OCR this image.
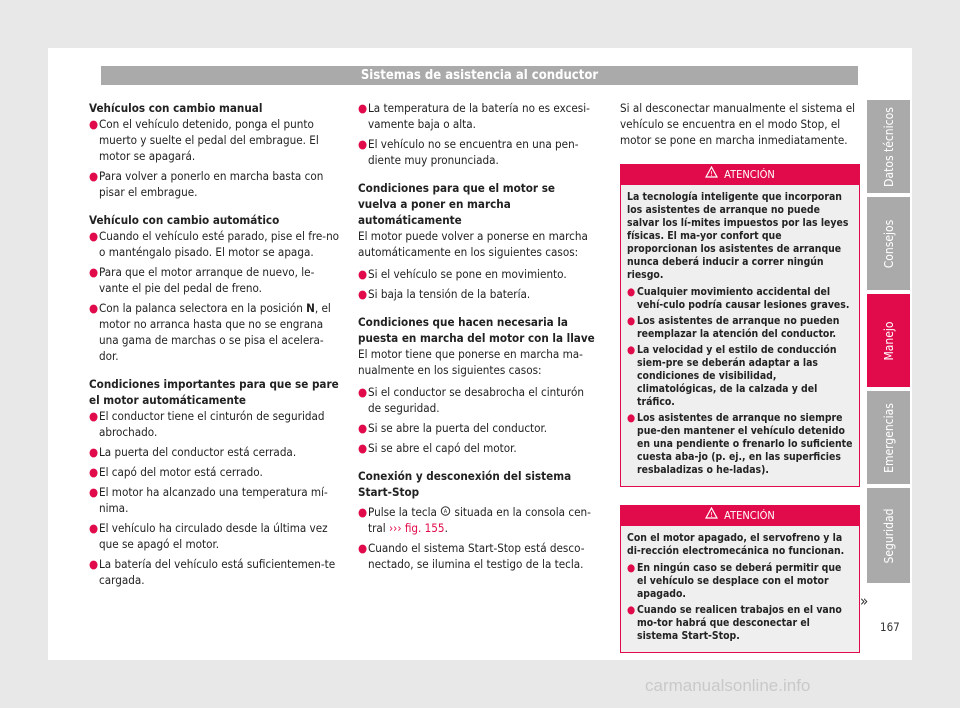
Sistemas de asistencia al conductor

Vehículos con cambio manual

● Con el vehículo detenido, ponga el punto muerto y suelte el pedal del embrague. El motor se apagará.
● Para volver a ponerlo en marcha basta con pisar el embrague.

Vehículo con cambio automático

● Cuando el vehículo esté parado, pise el fre-no o manténgalo pisado. El motor se apaga.
● Para que el motor arranque de nuevo, le-vante el pie del pedal de freno.
● Con la palanca selectora en la posición N, el motor no arranca hasta que no se engrana una gama de marchas o se pisa el acelera-dor.

Condiciones importantes para que se pare el motor automáticamente

● El conductor tiene el cinturón de seguridad abrochado.
● La puerta del conductor está cerrada.
● El capó del motor está cerrado.
● El motor ha alcanzado una temperatura mí-nima.
● El vehículo ha circulado desde la última vez que se apagó el motor.
● La batería del vehículo está suficientemen-te cargada.
● La temperatura de la batería no es excesi-vamente baja o alta.
● El vehículo no se encuentra en una pen-diente muy pronunciada.

Condiciones para que el motor se vuelva a poner en marcha automáticamente

El motor puede volver a ponerse en marcha automáticamente en los siguientes casos:

● Si el vehículo se pone en movimiento.
● Si baja la tensión de la batería.

Condiciones que hacen necesaria la puesta en marcha del motor con la llave

El motor tiene que ponerse en marcha ma-nualmente en los siguientes casos:

● Si el conductor se desabrocha el cinturón de seguridad.
● Si se abre la puerta del conductor.
● Si se abre el capó del motor.

Conexión y desconexión del sistema Start-Stop

● Pulse la tecla A situada en la consola cen-tral ››› fig. 155.
● Cuando el sistema Start-Stop está desco-nectado, se ilumina el testigo de la tecla.

Si al desconectar manualmente el sistema el vehículo se encuentra en el modo Stop, el motor se pone en marcha inmediatamente.

! ATENCIÓN

La tecnología inteligente que incorporan los asistentes de arranque no puede salvar los lí-mites impuestos por las leyes físicas. El ma-yor confort que proporcionan los asistentes de arranque nunca deberá inducir a correr ningún riesgo.

● Cualquier movimiento accidental del vehí-culo podría causar lesiones graves.
● Los asistentes de arranque no pueden reemplazar la atención del conductor.
● La velocidad y el estilo de conducción siem-pre se deberán adaptar a las condiciones de visibilidad, climatológicas, de la calzada y del tráfico.
● Los asistentes de arranque no siempre pue-den mantener el vehículo detenido en una pendiente o frenarlo lo suficiente cuesta aba-jo (p. ej., en las superficies resbaladizas o he-ladas).
! ATENCIÓN

Con el motor apagado, el servofreno y la di-rección electromecánica no funcionan.

● En ningún caso se deberá permitir que el vehículo se desplace con el motor apagado.
● Cuando se realicen trabajos en el vano mo-tor habrá que desconectar el sistema Start-Stop.
Datos técnicos
Consejos
Manejo
Emergencias
Seguridad
»
167
carmanualsonline.info
